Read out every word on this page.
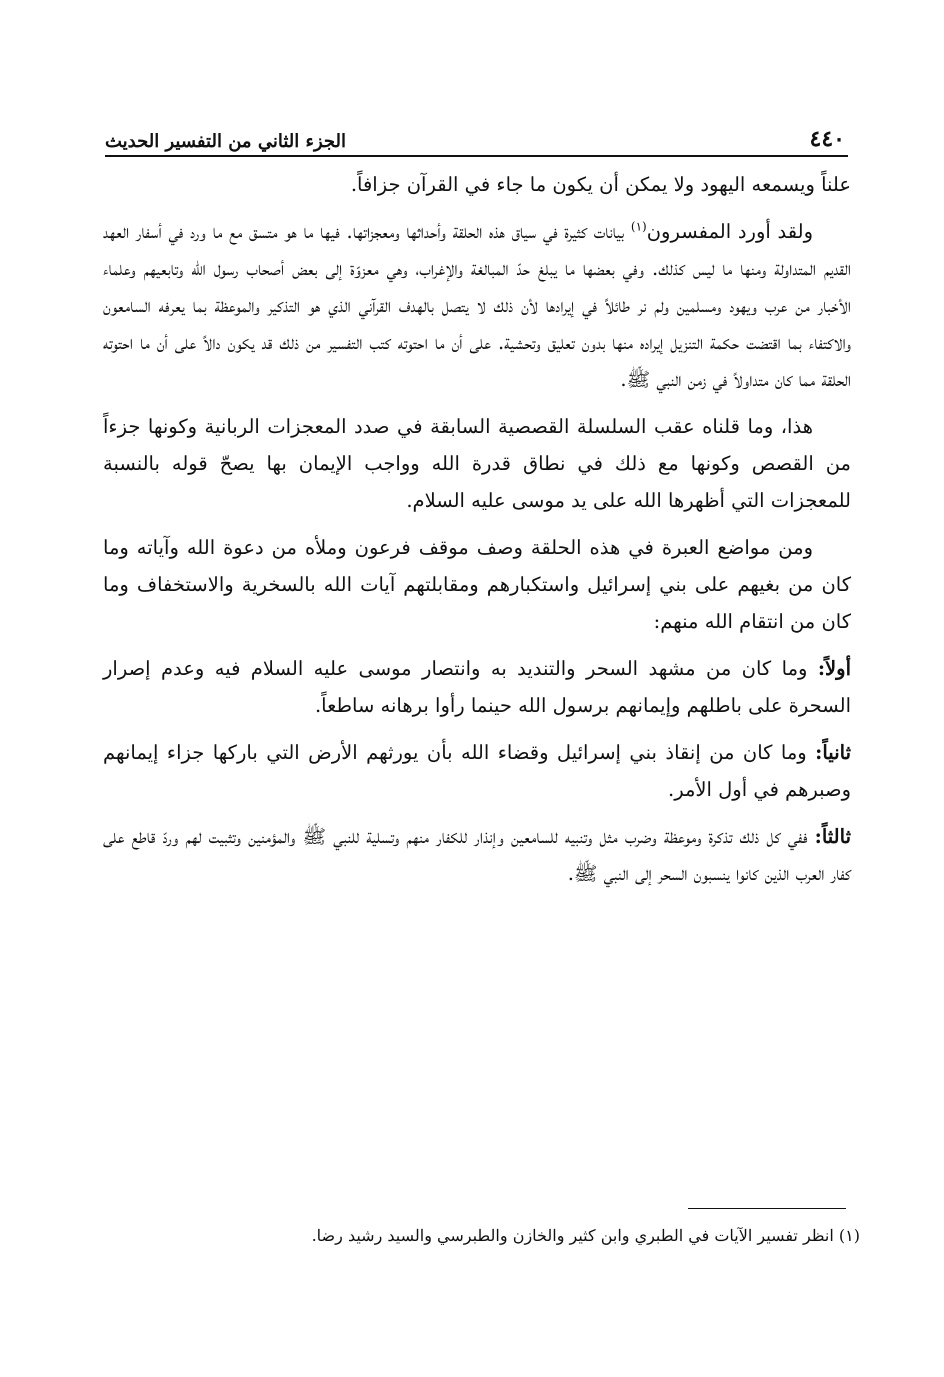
٤٤٠
الجزء الثاني من التفسير الحديث

علناً ويسمعه اليهود ولا يمكن أن يكون ما جاء في القرآن جزافاً.

ولقد أورد المفسرون$^{(١)}$ بيانات كثيرة في سياق هذه الحلقة وأحداثها ومعجزاتها. فيها ما هو متسق مع ما ورد في أسفار العهد القديم المتداولة ومنها ما ليس كذلك. وفي بعضها ما يبلغ حدّ المبالغة والإغراب، وهي معزوّة إلى بعض أصحاب رسول الله وتابعيهم وعلماء الأخبار من عرب ويهود ومسلمين ولم نر طائلاً في إيرادها لأن ذلك لا يتصل بالهدف القرآني الذي هو التذكير والموعظة بما يعرفه السامعون والاكتفاء بما اقتضت حكمة التنزيل إيراده منها بدون تعليق وتحشية. على أن ما احتوته كتب التفسير من ذلك قد يكون دالاً على أن ما احتوته الحلقة مما كان متداولاً في زمن النبي ﷺ.

هذا، وما قلناه عقب السلسلة القصصية السابقة في صدد المعجزات الربانية وكونها جزءاً من القصص وكونها مع ذلك في نطاق قدرة الله وواجب الإيمان بها يصحّ قوله بالنسبة للمعجزات التي أظهرها الله على يد موسى عليه السلام.

ومن مواضع العبرة في هذه الحلقة وصف موقف فرعون وملأه من دعوة الله وآياته وما كان من بغيهم على بني إسرائيل واستكبارهم ومقابلتهم آيات الله بالسخرية والاستخفاف وما كان من انتقام الله منهم:

أولاً: وما كان من مشهد السحر والتنديد به وانتصار موسى عليه السلام فيه وعدم إصرار السحرة على باطلهم وإيمانهم برسول الله حينما رأوا برهانه ساطعاً.

ثانياً: وما كان من إنقاذ بني إسرائيل وقضاء الله بأن يورثهم الأرض التي باركها جزاء إيمانهم وصبرهم في أول الأمر.

ثالثاً: ففي كل ذلك تذكرة وموعظة وضرب مثل وتنبيه للسامعين وإنذار للكفار منهم وتسلية للنبي ﷺ والمؤمنين وتثبيت لهم وردّ قاطع على كفار العرب الذين كانوا ينسبون السحر إلى النبي ﷺ.

(١) انظر تفسير الآيات في الطبري وابن كثير والخازن والطبرسي والسيد رشيد رضا.
